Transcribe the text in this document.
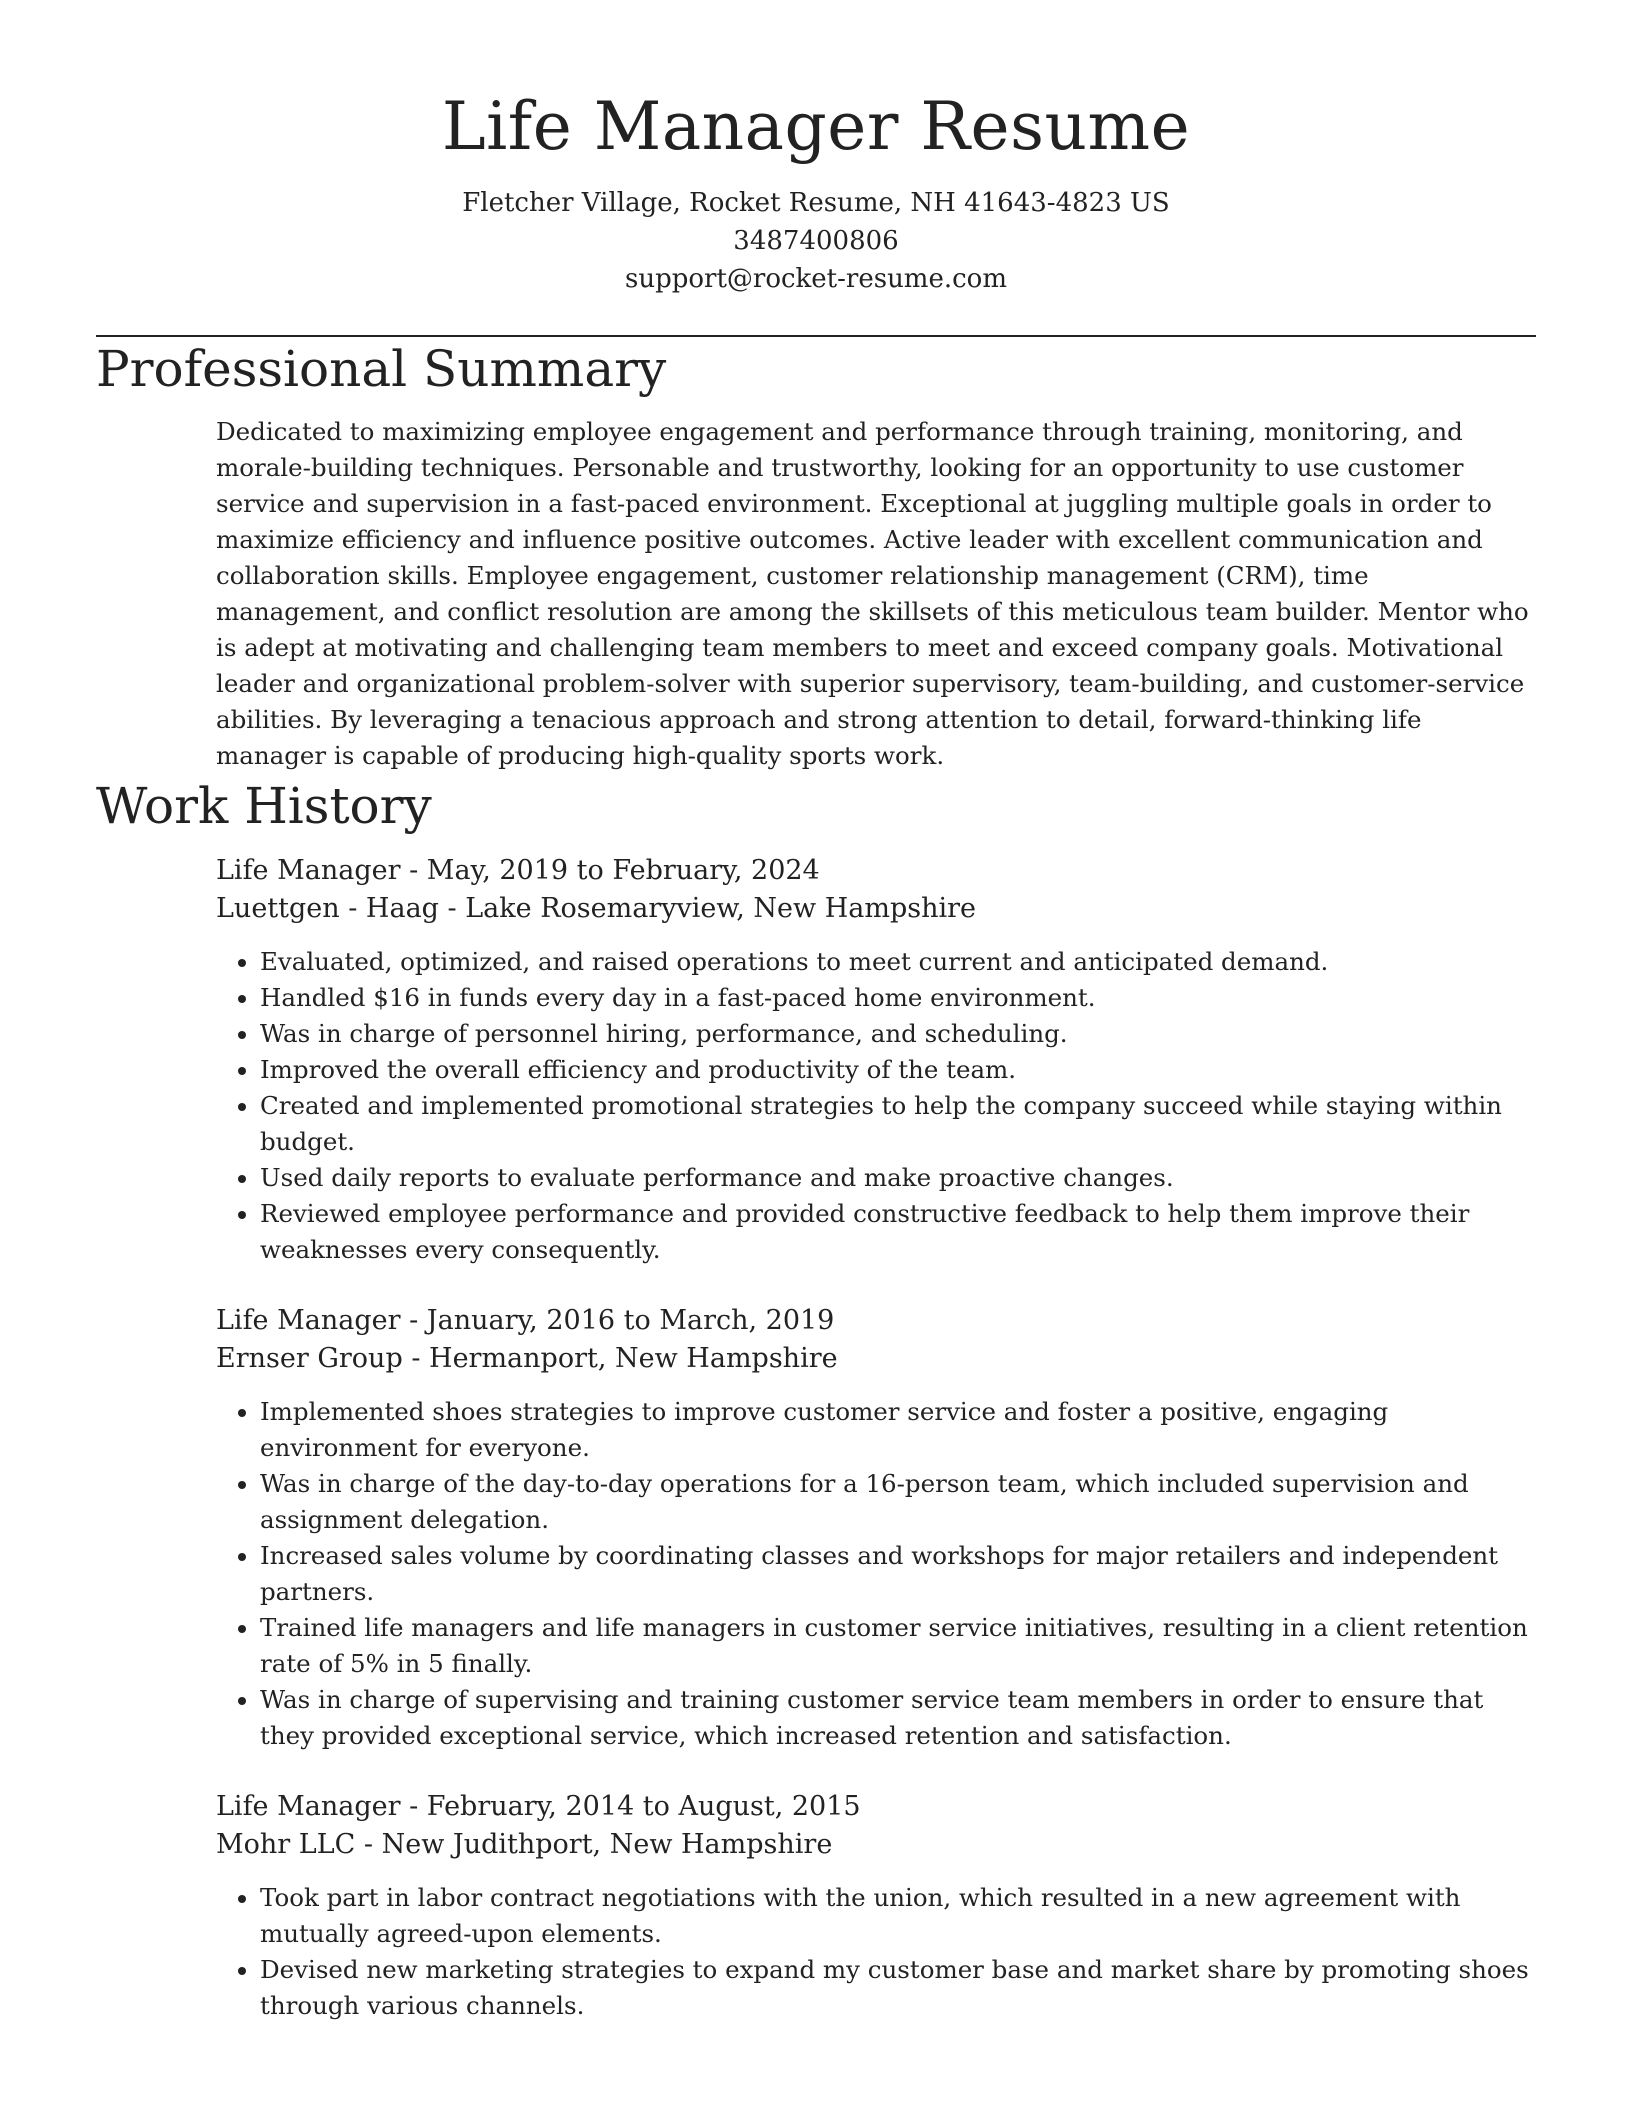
Life Manager Resume
Fletcher Village, Rocket Resume, NH 41643-4823 US
3487400806
support@rocket-resume.com
Professional Summary

Dedicated to maximizing employee engagement and performance through training, monitoring, and morale-building techniques. Personable and trustworthy, looking for an opportunity to use customer service and supervision in a fast-paced environment. Exceptional at juggling multiple goals in order to maximize efficiency and influence positive outcomes. Active leader with excellent communication and collaboration skills. Employee engagement, customer relationship management (CRM), time management, and conflict resolution are among the skillsets of this meticulous team builder. Mentor who is adept at motivating and challenging team members to meet and exceed company goals. Motivational leader and organizational problem-solver with superior supervisory, team-building, and customer-service abilities. By leveraging a tenacious approach and strong attention to detail, forward-thinking life manager is capable of producing high-quality sports work.

Work History
Life Manager - May, 2019 to February, 2024
Luettgen - Haag - Lake Rosemaryview, New Hampshire
• Evaluated, optimized, and raised operations to meet current and anticipated demand.
• Handled $16 in funds every day in a fast-paced home environment.
• Was in charge of personnel hiring, performance, and scheduling.
• Improved the overall efficiency and productivity of the team.
• Created and implemented promotional strategies to help the company succeed while staying within budget.
• Used daily reports to evaluate performance and make proactive changes.
• Reviewed employee performance and provided constructive feedback to help them improve their weaknesses every consequently.
Life Manager - January, 2016 to March, 2019
Ernser Group - Hermanport, New Hampshire
• Implemented shoes strategies to improve customer service and foster a positive, engaging environment for everyone.
• Was in charge of the day-to-day operations for a 16-person team, which included supervision and assignment delegation.
• Increased sales volume by coordinating classes and workshops for major retailers and independent partners.
• Trained life managers and life managers in customer service initiatives, resulting in a client retention rate of 5% in 5 finally.
• Was in charge of supervising and training customer service team members in order to ensure that they provided exceptional service, which increased retention and satisfaction.
Life Manager - February, 2014 to August, 2015
Mohr LLC - New Judithport, New Hampshire
• Took part in labor contract negotiations with the union, which resulted in a new agreement with mutually agreed-upon elements.
• Devised new marketing strategies to expand my customer base and market share by promoting shoes through various channels.
